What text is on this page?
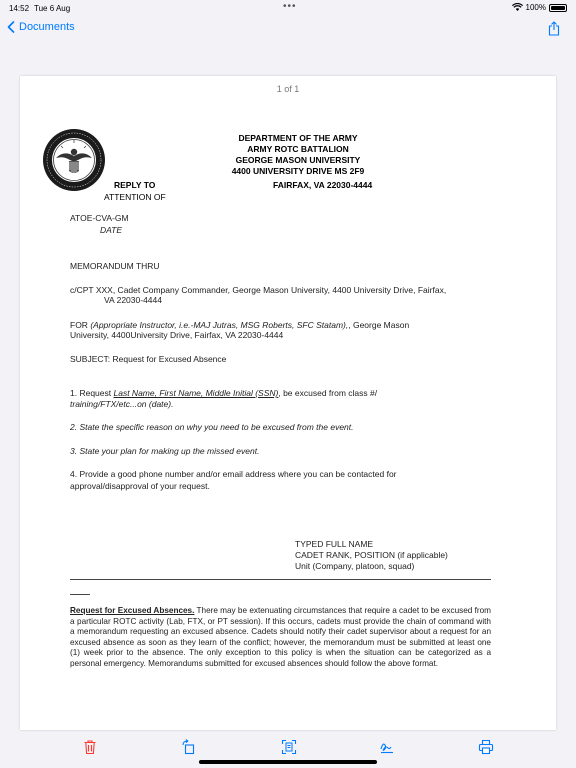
14:52 Tue 6 Aug	•••	100%
Documents
1 of 1
DEPARTMENT OF THE ARMY
ARMY ROTC BATTALION
GEORGE MASON UNIVERSITY
4400 UNIVERSITY DRIVE MS 2F9
FAIRFAX, VA 22030-4444
REPLY TO
ATTENTION OF
ATOE-CVA-GM
DATE
MEMORANDUM THRU
c/CPT XXX, Cadet Company Commander, George Mason University, 4400 University Drive, Fairfax,
VA 22030-4444
FOR (Appropriate Instructor, i.e.-MAJ Jutras, MSG Roberts, SFC Statam),, George Mason
University, 4400University Drive, Fairfax, VA 22030-4444
SUBJECT: Request for Excused Absence
1. Request Last Name, First Name, Middle Initial (SSN), be excused from class #/
training/FTX/etc...on (date).
2. State the specific reason on why you need to be excused from the event.
3. State your plan for making up the missed event.
4. Provide a good phone number and/or email address where you can be contacted for
approval/disapproval of your request.
TYPED FULL NAME
CADET RANK, POSITION (if applicable)
Unit (Company, platoon, squad)
Request for Excused Absences. There may be extenuating circumstances that require a cadet to be excused from a particular ROTC activity (Lab, FTX, or PT session). If this occurs, cadets must provide the chain of command with a memorandum requesting an excused absence. Cadets should notify their cadet supervisor about a request for an excused absence as soon as they learn of the conflict; however, the memorandum must be submitted at least one (1) week prior to the absence. The only exception to this policy is when the situation can be categorized as a personal emergency. Memorandums submitted for excused absences should follow the above format.
